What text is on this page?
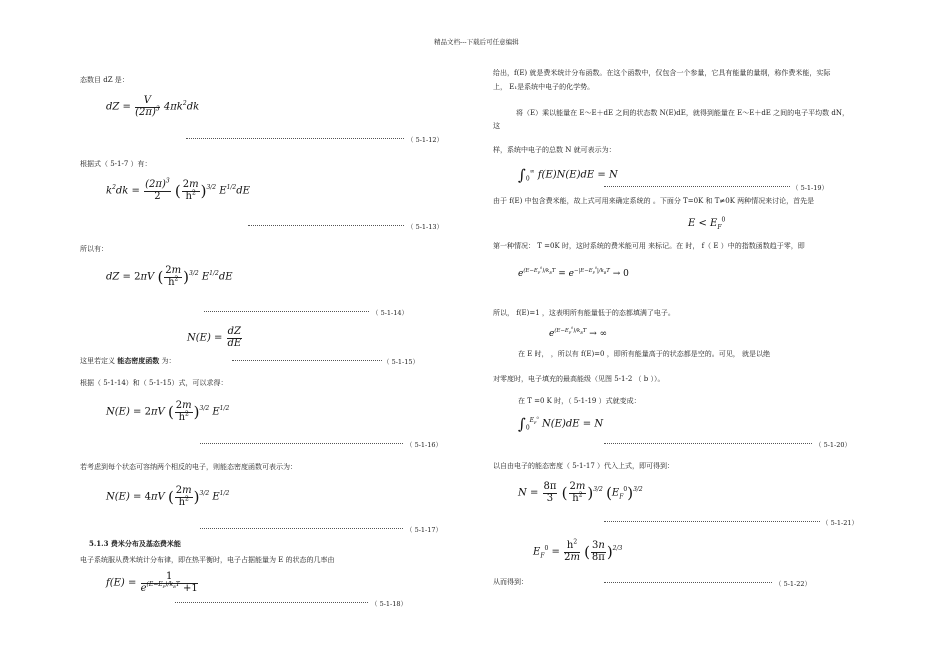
精品文档---下载后可任意编辑
态数目 dZ 是：
dZ = $\frac{V}{(2\pi)^3} 4\pi k^2dk$
（ 5-1-12）
根据式（ 5-1-7 ）有：
$k^2dk = \frac{(2\pi)^3}{2}$ ( $\frac{2m}{h^2} )^{3/2}$ $E^{1/2}dE$
（ 5-1-13）
所以有：
dZ = 2πV ( $\frac{2m}{h^2} )^{3/2}$ $E^{1/2}dE$
（ 5-1-14）
$N(E) = \frac{dZ}{dE}$
这里若定义 能态密度函数 为：	（ 5-1-15）
根据（ 5-1-14）和（ 5-1-15）式，可以求得：
N(E) = 2πV ( $\frac{2m}{h^2} )^{3/2}$ $E^{1/2}$
（ 5-1-16）
若考虑到每个状态可容纳两个相反的电子，则能态密度函数可表示为：
N(E) = 4πV ( $\frac{2m}{h^2} )^{3/2}$ $E^{1/2}$
（ 5-1-17）
5.1.3 费米分布及基态费米能
电子系统服从费米统计分布律，即在热平衡时，电子占据能量为 E 的状态的几率由
$f(E) = \frac{1}{e^{(E-E_F)/k_BT} +1}$
（ 5-1-18）
给出，f(E) 就是费米统计分布函数。在这个函数中，仅包含一个参量，它具有能量的量纲，称作费米能，实际
上， E₁是系统中电子的化学势。
将（E）乘以能量在 E～E＋dE 之间的状态数 N(E)dE，就得到能量在 E～E＋dE 之间的电子平均数 dN，
这
样，系统中电子的总数 N 就可表示为：
$\int_0^\infty$ f(E)N(E)dE = N
（ 5-1-19）
由于 f(E) 中包含费米能，故上式可用来确定系统的 。下面分 T=0K 和 T≠0K 两种情况来讨论，首先是
$E < E_F^0$
第一种情况： T =0K 时，这时系统的费米能可用 来标记。在 时， f（ E ）中的指数函数趋于零，即
$e^{(E-E_F^0)/k_BT} = e^{-|E-E_F^0|/k_BT} \to 0$
所以， f(E)=1 ，这表明所有能量低于的态都填满了电子。
$e^{(E-E_F^0)/k_BT}$ → ∞
在 E 时， ，所以有 f(E)=0 ，即所有能量高于的状态都是空的。可见， 就是以绝
对零度时，电子填充的最高能级（见图 5-1-2 （ b ））。
在 T =0 K 时，（ 5-1-19 ）式就变成：
$\int_0^{E_F^0}$ N(E)dE = N
（ 5-1-20）
以自由电子的能态密度（ 5-1-17 ）代入上式，即可得到：
$N = \frac{8\pi}{3}$ ( $\frac{2m}{h^2} )^{3/2}$ $(E_F^0)^{3/2}$
（ 5-1-21）
$E_F^0 = \frac{h^2}{2m}$ ( $\frac{3n}{8\pi} )^{2/3}$
从而得到：	（ 5-1-22）
